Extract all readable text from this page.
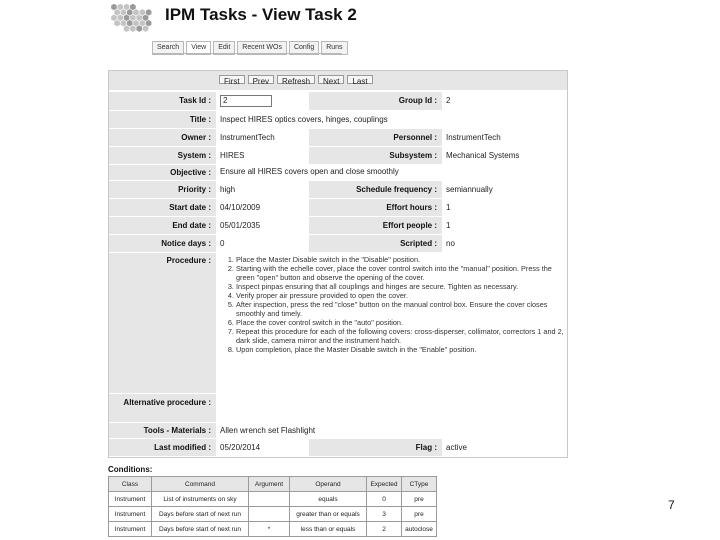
IPM Tasks - View Task 2
Search	View	Edit	Recent WOs	Config	Runs
First	Prev	Refresh	Next	Last
Task Id :	2	Group Id :	2
Title :	Inspect HIRES optics covers, hinges, couplings
Owner :	InstrumentTech	Personnel :	InstrumentTech
System :	HIRES	Subsystem :	Mechanical Systems
Objective :	Ensure all HIRES covers open and close smoothly
Priority :	high	Schedule frequency :	semiannually
Start date :	04/10/2009	Effort hours :	1
End date :	05/01/2035	Effort people :	1
Notice days :	0	Scripted :	no
Procedure :	1. Place the Master Disable switch in the "Disable" position.
2. Starting with the echelle cover, place the cover control switch into the "manual" position. Press the green "open" button and observe the opening of the cover.
3. Inspect pinpas ensuring that all couplings and hinges are secure. Tighten as necessary.
4. Verify proper air pressure provided to open the cover.
5. After inspection, press the red "close" button on the manual control box. Ensure the cover closes smoothly and timely.
6. Place the cover control switch in the "auto" position.
7. Repeat this procedure for each of the following covers: cross-disperser, collimator, correctors 1 and 2, dark slide, camera mirror and the instrument hatch.
8. Upon completion, place the Master Disable switch in the "Enable" position.
Alternative procedure :
Tools - Materials :	Allen wrench set Flashlight
Last modified :	05/20/2014	Flag :	active
Conditions:
Class	Command	Argument	Operand	Expected	CType
Instrument	List of instruments on sky		equals	0	pre
Instrument	Days before start of next run		greater than or equals	3	pre
Instrument	Days before start of next run	*	less than or equals	2	autoclose
7
